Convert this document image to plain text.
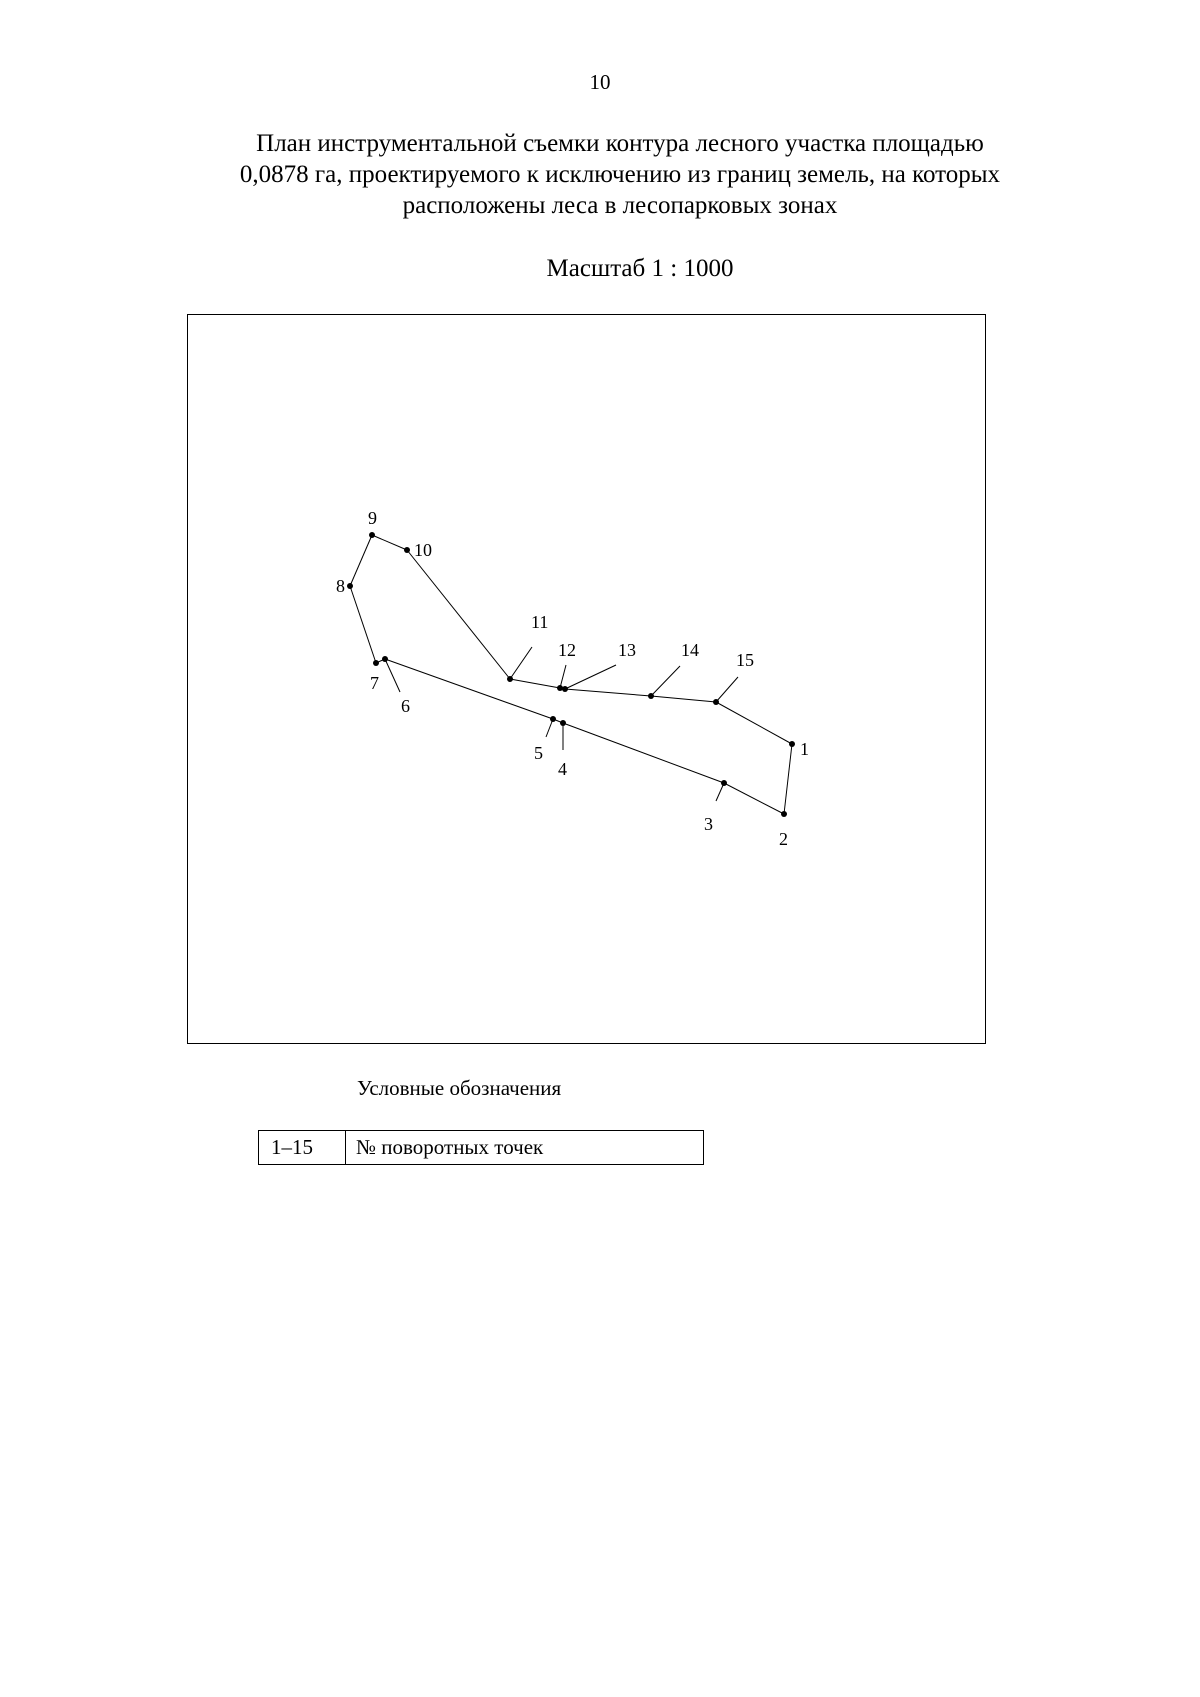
10
План инструментальной съемки контура лесного участка площадью
0,0878 га, проектируемого к исключению из границ земель, на которых
расположены леса в лесопарковых зонах
Масштаб 1 : 1000
1
2
3
4
5
6
7
8
9
10
11
12 13	14 15
Условные обозначения
1–15	№ поворотных точек
